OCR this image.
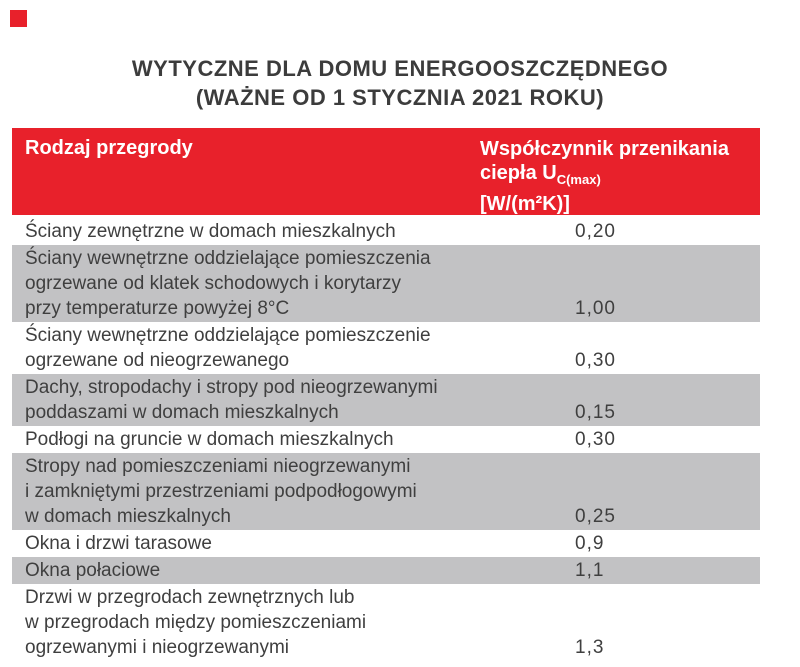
WYTYCZNE DLA DOMU ENERGOOSZCZĘDNEGO
(WAŻNE OD 1 STYCZNIA 2021 ROKU)
Rodzaj przegrody	Współczynnik przenikania
ciepła $U_{C(max)}$
[W/(m²K)]
Ściany zewnętrzne w domach mieszkalnych	0,20
Ściany wewnętrzne oddzielające pomieszczenia
ogrzewane od klatek schodowych i korytarzy
przy temperaturze powyżej 8°C	1,00
Ściany wewnętrzne oddzielające pomieszczenie
ogrzewane od nieogrzewanego	0,30
Dachy, stropodachy i stropy pod nieogrzewanymi
poddaszami w domach mieszkalnych	0,15
Podłogi na gruncie w domach mieszkalnych	0,30
Stropy nad pomieszczeniami nieogrzewanymi
i zamkniętymi przestrzeniami podpodłogowymi
w domach mieszkalnych	0,25
Okna i drzwi tarasowe	0,9
Okna połaciowe	1,1
Drzwi w przegrodach zewnętrznych lub
w przegrodach między pomieszczeniami
ogrzewanymi i nieogrzewanymi	1,3
